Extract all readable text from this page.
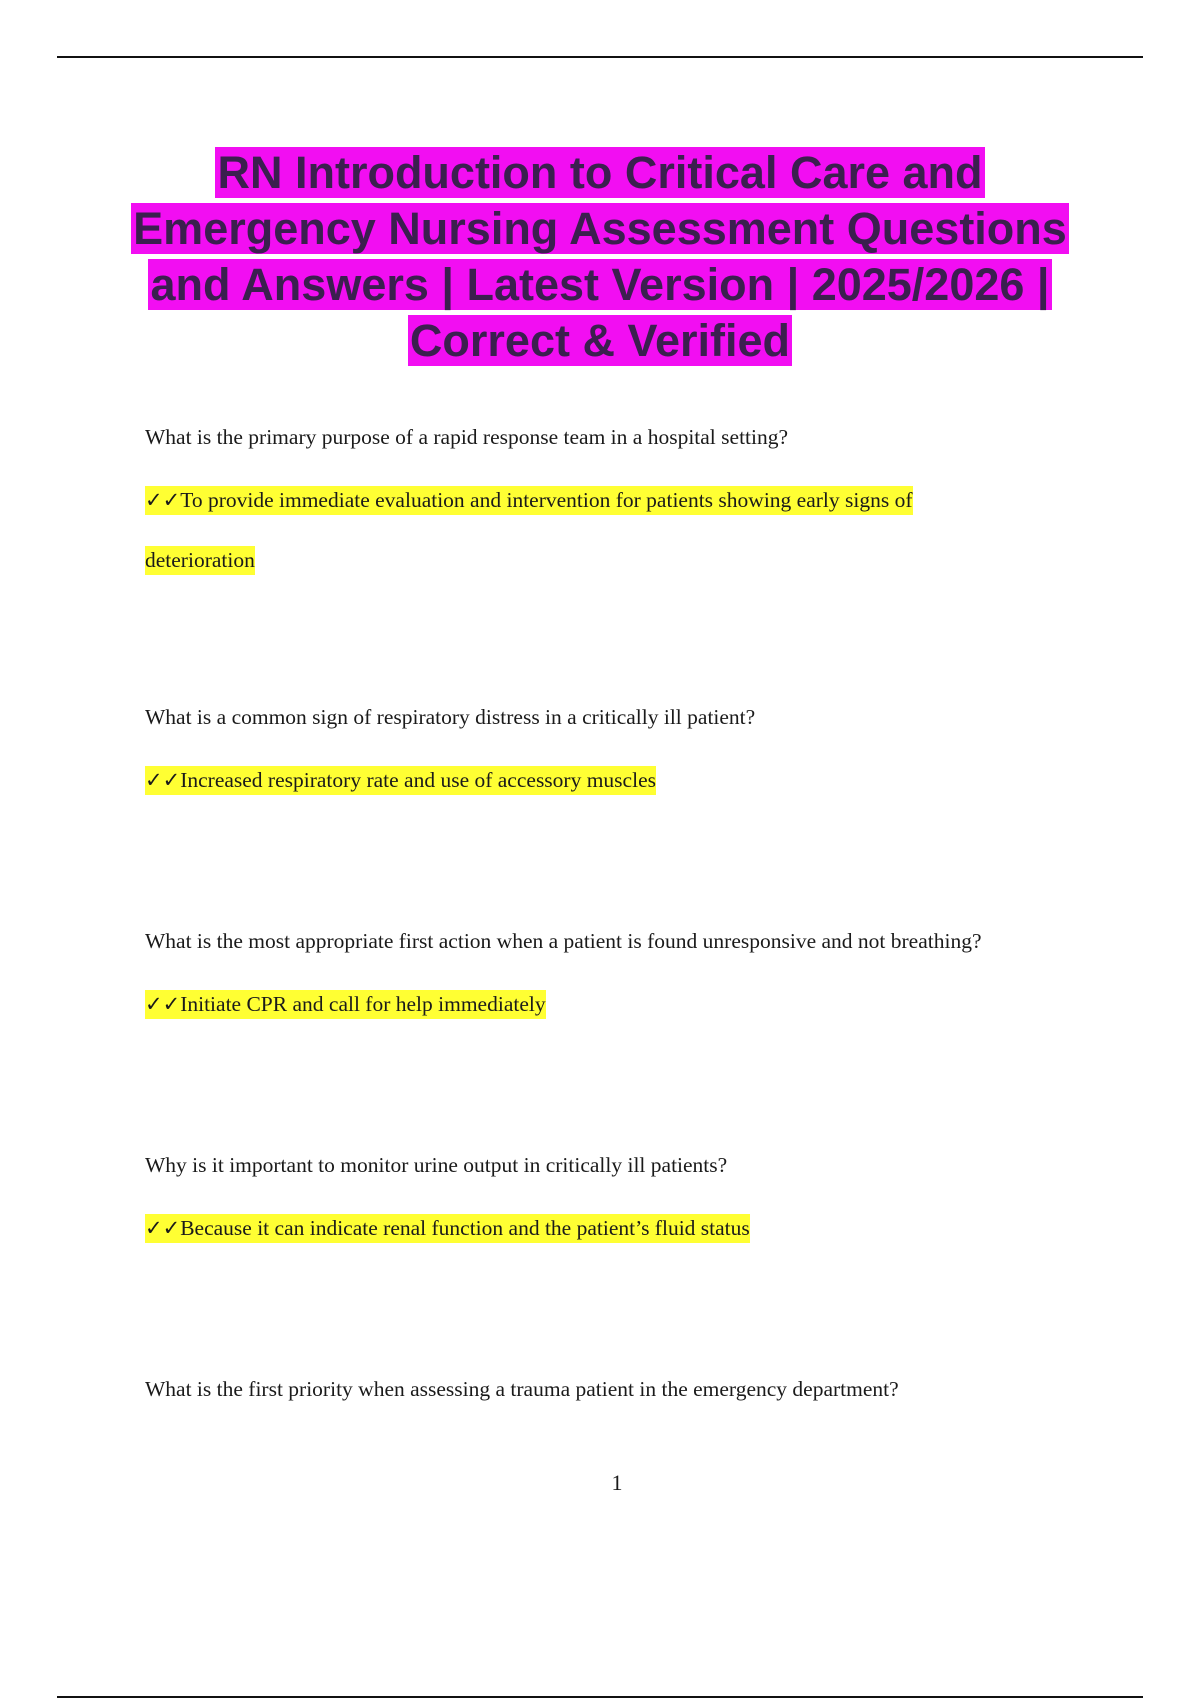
RN Introduction to Critical Care and Emergency Nursing Assessment Questions and Answers | Latest Version | 2025/2026 | Correct & Verified

What is the primary purpose of a rapid response team in a hospital setting?

✓✓To provide immediate evaluation and intervention for patients showing early signs of deterioration

What is a common sign of respiratory distress in a critically ill patient?

✓✓Increased respiratory rate and use of accessory muscles

What is the most appropriate first action when a patient is found unresponsive and not breathing?

✓✓Initiate CPR and call for help immediately

Why is it important to monitor urine output in critically ill patients?

✓✓Because it can indicate renal function and the patient’s fluid status

What is the first priority when assessing a trauma patient in the emergency department?

1
